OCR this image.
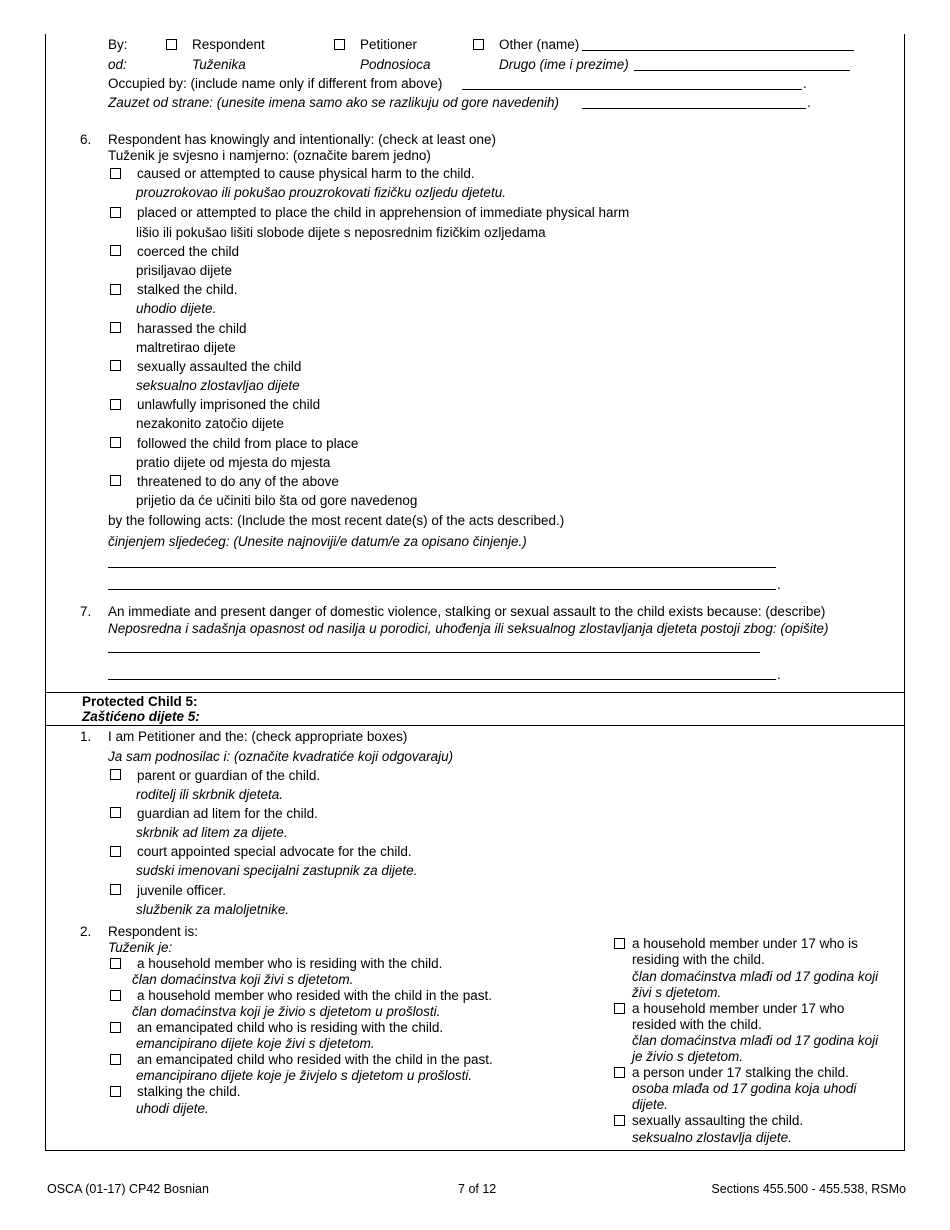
By:	Respondent	Petitioner	Other (name)
od:	Tuženika	Podnosioca	Drugo (ime i prezime)
Occupied by: (include name only if different from above)	.
Zauzet od strane: (unesite imena samo ako se razlikuju od gore navedenih)	.
6. Respondent has knowingly and intentionally: (check at least one)
Tuženik je svjesno i namjerno: (označite barem jedno)
caused or attempted to cause physical harm to the child.
prouzrokovao ili pokušao prouzrokovati fizičku ozljedu djetetu.
placed or attempted to place the child in apprehension of immediate physical harm
lišio ili pokušao lišiti slobode dijete s neposrednim fizičkim ozljedama
coerced the child
prisiljavao dijete
stalked the child.
uhodio dijete.
harassed the child
maltretirao dijete
sexually assaulted the child
seksualno zlostavljao dijete
unlawfully imprisoned the child
nezakonito zatočio dijete
followed the child from place to place
pratio dijete od mjesta do mjesta
threatened to do any of the above
prijetio da će učiniti bilo šta od gore navedenog
by the following acts: (Include the most recent date(s) of the acts described.)
činjenjem sljedećeg: (Unesite najnoviji/e datum/e za opisano činjenje.)
.
7. An immediate and present danger of domestic violence, stalking or sexual assault to the child exists because: (describe)
Neposredna i sadašnja opasnost od nasilja u porodici, uhođenja ili seksualnog zlostavljanja djeteta postoji zbog: (opišite)
.
Protected Child 5:
Zaštićeno dijete 5:
1. I am Petitioner and the: (check appropriate boxes)
Ja sam podnosilac i: (označite kvadratiće koji odgovaraju)
parent or guardian of the child.
roditelj ili skrbnik djeteta.
guardian ad litem for the child.
skrbnik ad litem za dijete.
court appointed special advocate for the child.
sudski imenovani specijalni zastupnik za dijete.
juvenile officer.
službenik za maloljetnike.
2. Respondent is:
Tuženik je:
a household member who is residing with the child.
član domaćinstva koji živi s djetetom.
a household member who resided with the child in the past.
član domaćinstva koji je živio s djetetom u prošlosti.
an emancipated child who is residing with the child.
emancipirano dijete koje živi s djetetom.
an emancipated child who resided with the child in the past.
emancipirano dijete koje je živjelo s djetetom u prošlosti.
stalking the child.
uhodi dijete.
a household member under 17 who is
residing with the child.
član domaćinstva mlađi od 17 godina koji
živi s djetetom.
a household member under 17 who
resided with the child.
član domaćinstva mlađi od 17 godina koji
je živio s djetetom.
a person under 17 stalking the child.
osoba mlađa od 17 godina koja uhodi
dijete.
sexually assaulting the child.
seksualno zlostavlja dijete.
OSCA (01-17) CP42 Bosnian	7 of 12	Sections 455.500 - 455.538, RSMo
